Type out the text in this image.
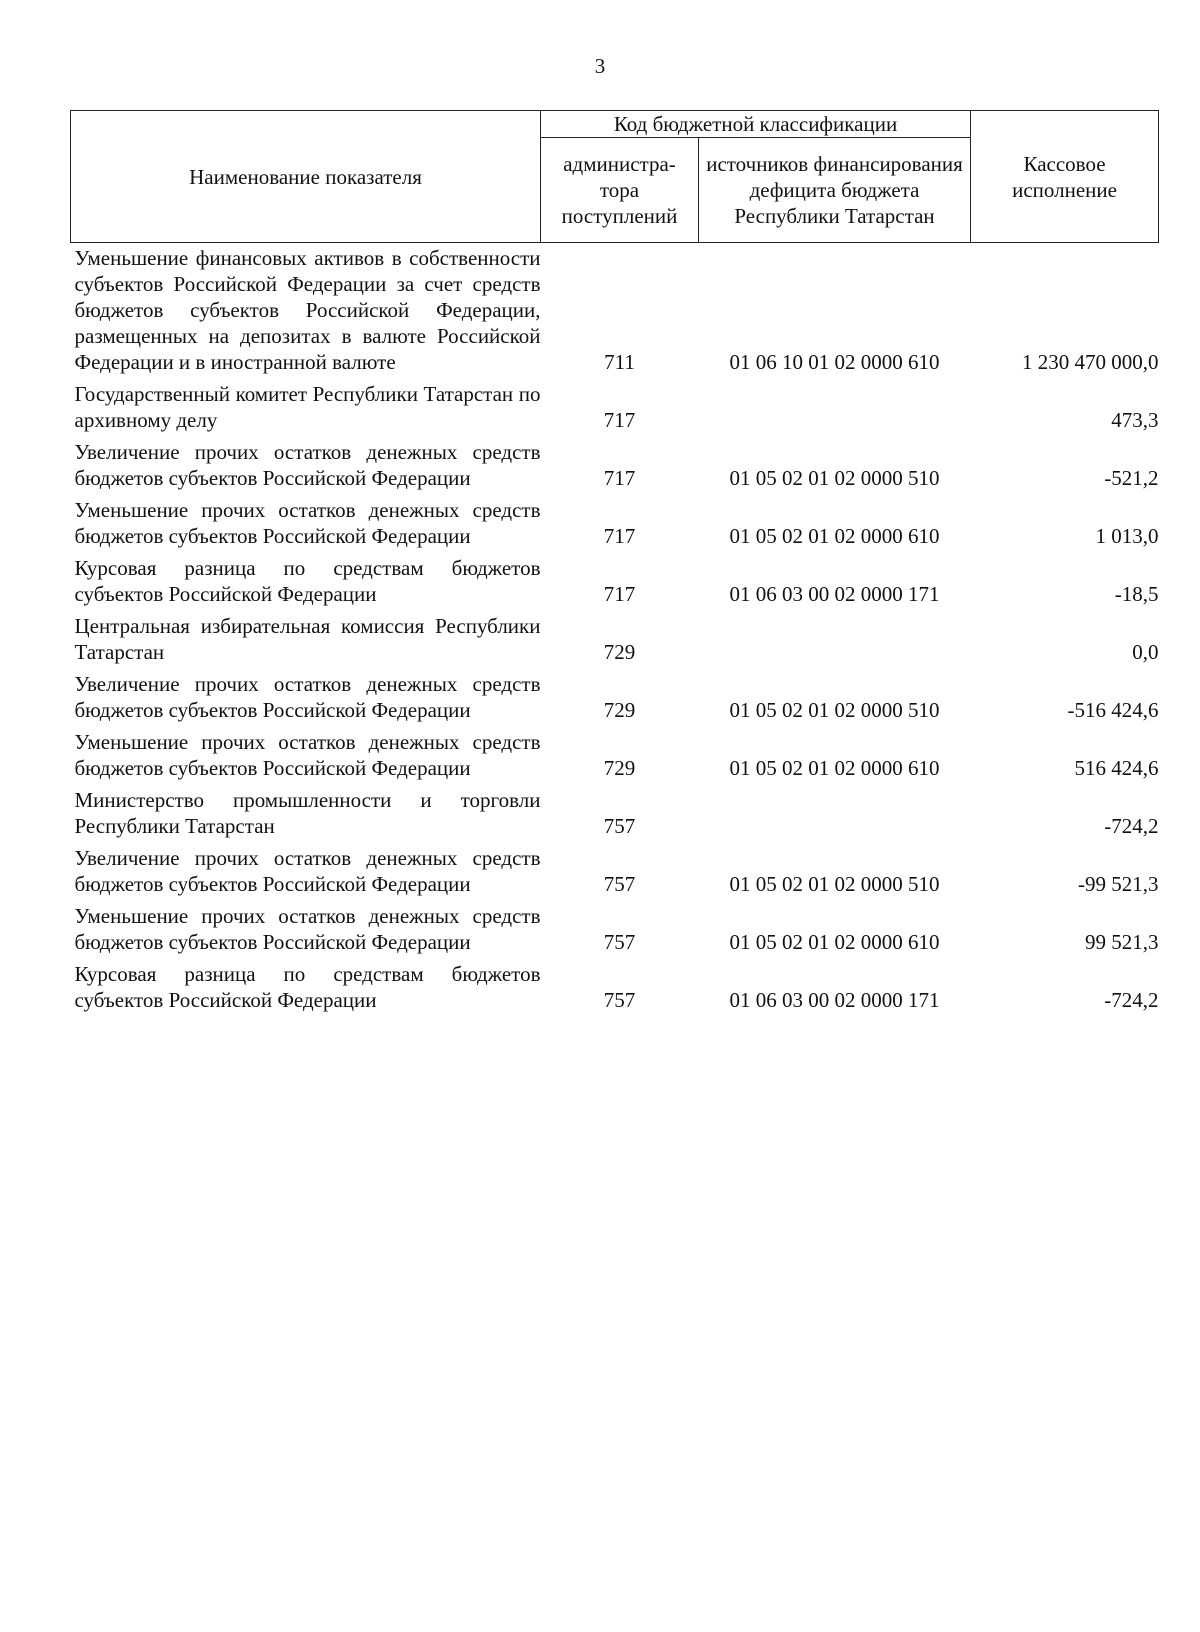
3
Наименование показателя	Код бюджетной классификации		Кассовое исполнение
	администра-тора поступлений	источников финансирования дефицита бюджета Республики Татарстан	
Уменьшение финансовых активов в собственности субъектов Российской Федерации за счет средств бюджетов субъектов Российской Федерации, размещенных на депозитах в валюте Российской Федерации и в иностранной валюте	711	01 06 10 01 02 0000 610	1 230 470 000,0
Государственный комитет Республики Татарстан по архивному делу	717		473,3
Увеличение прочих остатков денежных средств бюджетов субъектов Российской Федерации	717	01 05 02 01 02 0000 510	-521,2
Уменьшение прочих остатков денежных средств бюджетов субъектов Российской Федерации	717	01 05 02 01 02 0000 610	1 013,0
Курсовая разница по средствам бюджетов субъектов Российской Федерации	717	01 06 03 00 02 0000 171	-18,5
Центральная избирательная комиссия Республики Татарстан	729		0,0
Увеличение прочих остатков денежных средств бюджетов субъектов Российской Федерации	729	01 05 02 01 02 0000 510	-516 424,6
Уменьшение прочих остатков денежных средств бюджетов субъектов Российской Федерации	729	01 05 02 01 02 0000 610	516 424,6
Министерство промышленности и торговли Республики Татарстан	757		-724,2
Увеличение прочих остатков денежных средств бюджетов субъектов Российской Федерации	757	01 05 02 01 02 0000 510	-99 521,3
Уменьшение прочих остатков денежных средств бюджетов субъектов Российской Федерации	757	01 05 02 01 02 0000 610	99 521,3
Курсовая разница по средствам бюджетов субъектов Российской Федерации	757	01 06 03 00 02 0000 171	-724,2
